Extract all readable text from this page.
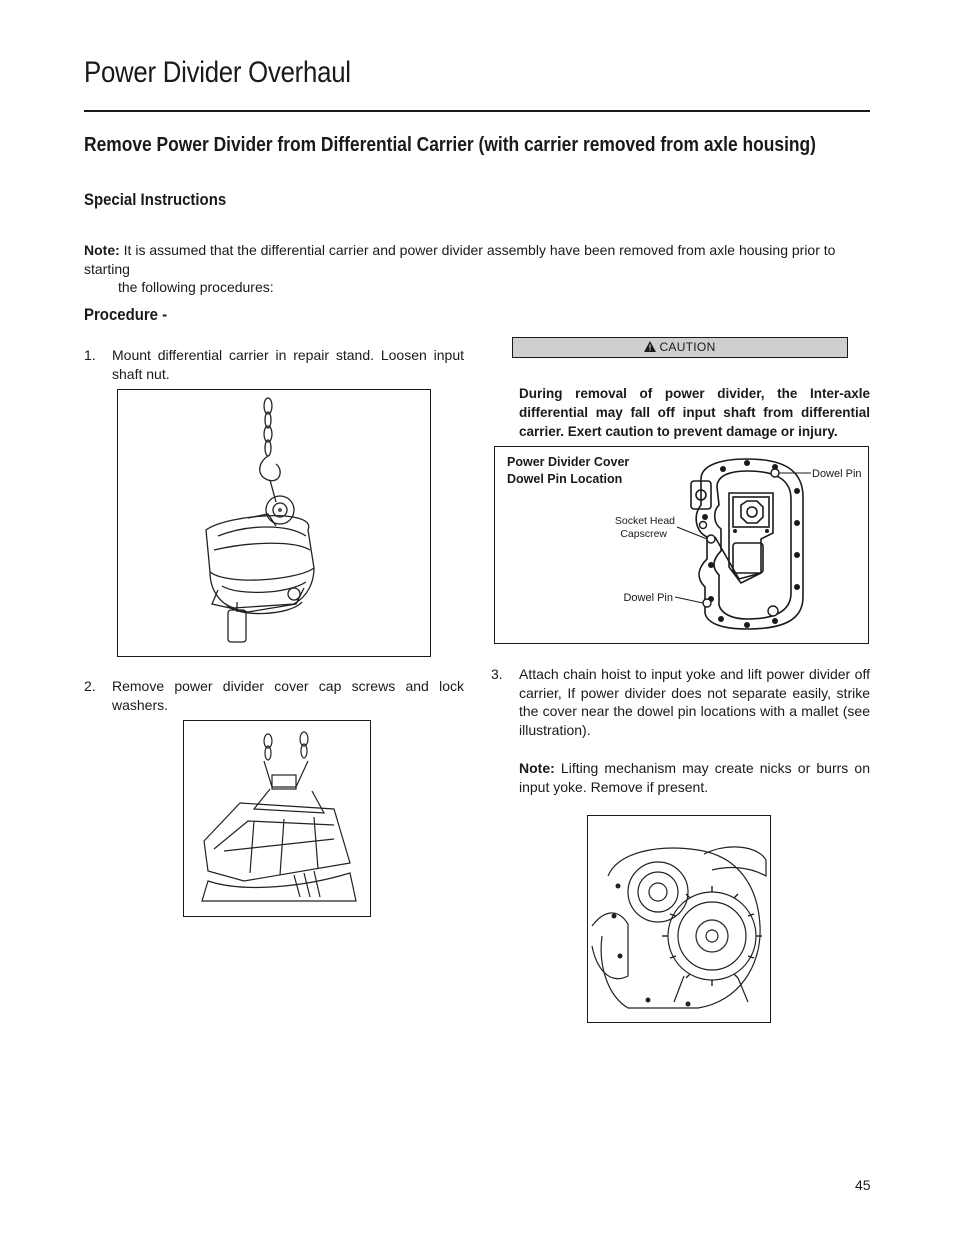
Power Divider Overhaul
Remove Power Divider from Differential Carrier (with carrier removed from axle housing)
Special Instructions
Note: It is assumed that the differential carrier and power divider assembly have been removed from axle housing prior to starting
the following procedures:
Procedure -
1. Mount differential carrier in repair stand. Loosen input shaft nut.
2. Remove power divider cover cap screws and lock washers.
CAUTION
During removal of power divider, the Inter-axle differential may fall off input shaft from differential carrier. Exert caution to prevent damage or injury.
Power Divider Cover
Dowel Pin Location	Dowel Pin
Socket Head
Capscrew
Dowel Pin
3. Attach chain hoist to input yoke and lift power divider off carrier, If power divider does not separate easily, strike the cover near the dowel pin locations with a mallet (see illustration).
Note: Lifting mechanism may create nicks or burrs on input yoke. Remove if present.
45
